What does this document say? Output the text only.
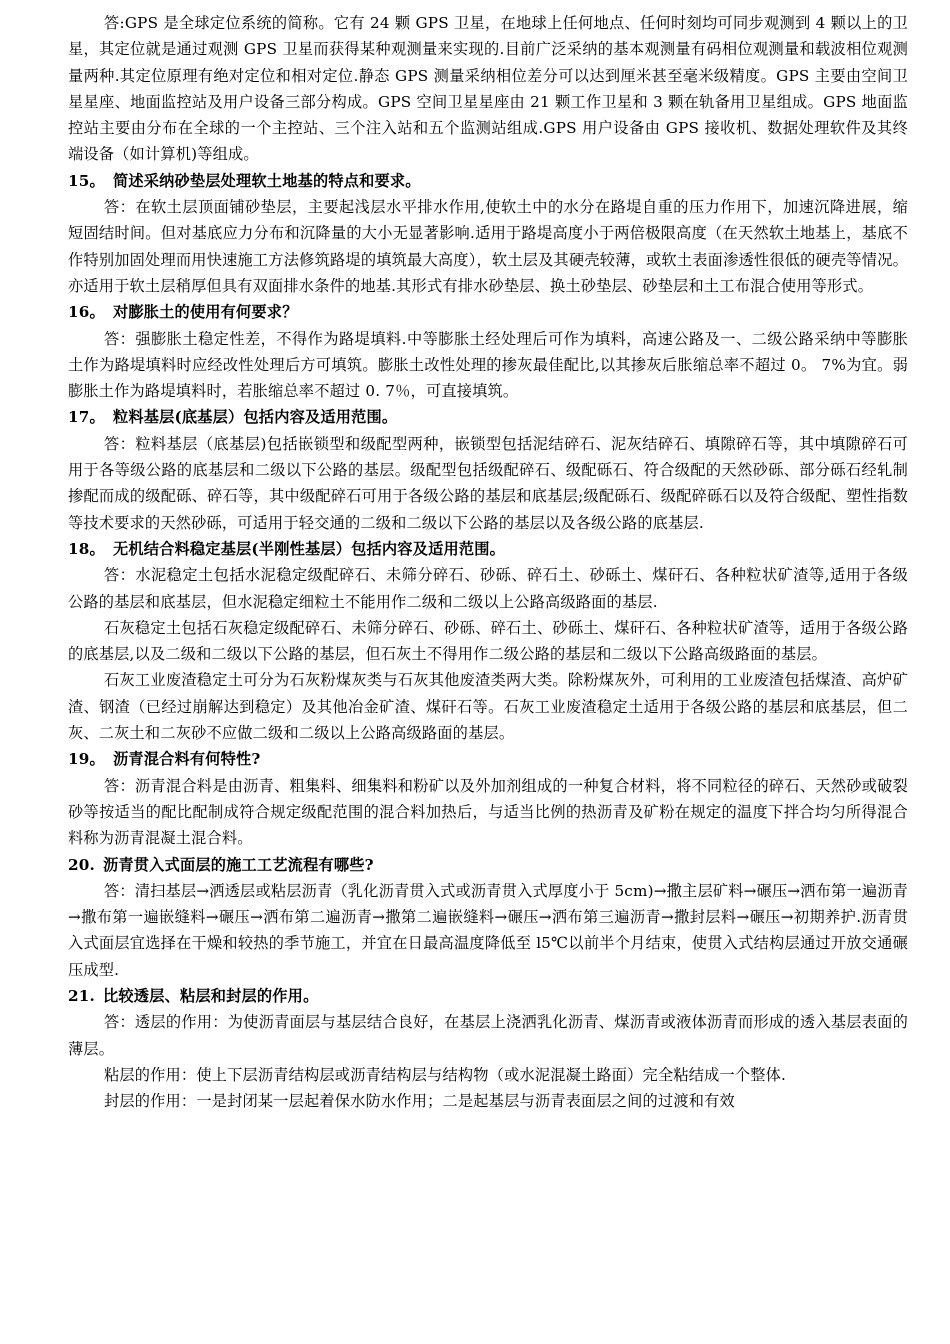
答:GPS 是全球定位系统的简称。它有 24 颗 GPS 卫星，在地球上任何地点、任何时刻均可同步观测到 4 颗以上的卫星，其定位就是通过观测 GPS 卫星而获得某种观测量来实现的.目前广泛采纳的基本观测量有码相位观测量和载波相位观测量两种.其定位原理有绝对定位和相对定位.静态 GPS 测量采纳相位差分可以达到厘米甚至毫米级精度。GPS 主要由空间卫星星座、地面监控站及用户设备三部分构成。GPS 空间卫星星座由 21 颗工作卫星和 3 颗在轨备用卫星组成。GPS 地面监控站主要由分布在全球的一个主控站、三个注入站和五个监测站组成.GPS 用户设备由 GPS 接收机、数据处理软件及其终端设备（如计算机)等组成。

15。 简述采纳砂垫层处理软土地基的特点和要求。

答：在软土层顶面铺砂垫层，主要起浅层水平排水作用,使软土中的水分在路堤自重的压力作用下，加速沉降进展，缩短固结时间。但对基底应力分布和沉降量的大小无显著影响.适用于路堤高度小于两倍极限高度（在天然软土地基上，基底不作特别加固处理而用快速施工方法修筑路堤的填筑最大高度），软土层及其硬壳较薄，或软土表面渗透性很低的硬壳等情况。亦适用于软土层稍厚但具有双面排水条件的地基.其形式有排水砂垫层、换土砂垫层、砂垫层和土工布混合使用等形式。

16。 对膨胀土的使用有何要求？

答：强膨胀土稳定性差，不得作为路堤填料.中等膨胀土经处理后可作为填料，高速公路及一、二级公路采纳中等膨胀土作为路堤填料时应经改性处理后方可填筑。膨胀土改性处理的掺灰最佳配比,以其掺灰后胀缩总率不超过 0。 7%为宜。弱膨胀土作为路堤填料时，若胀缩总率不超过 0. 7％，可直接填筑。

17。 粒料基层(底基层）包括内容及适用范围。

答：粒料基层（底基层)包括嵌锁型和级配型两种，嵌锁型包括泥结碎石、泥灰结碎石、填隙碎石等，其中填隙碎石可用于各等级公路的底基层和二级以下公路的基层。级配型包括级配碎石、级配砾石、符合级配的天然砂砾、部分砾石经轧制掺配而成的级配砾、碎石等，其中级配碎石可用于各级公路的基层和底基层;级配砾石、级配碎砾石以及符合级配、塑性指数等技术要求的天然砂砾，可适用于轻交通的二级和二级以下公路的基层以及各级公路的底基层.

18。 无机结合料稳定基层(半刚性基层）包括内容及适用范围。

答：水泥稳定土包括水泥稳定级配碎石、未筛分碎石、砂砾、碎石土、砂砾土、煤矸石、各种粒状矿渣等,适用于各级公路的基层和底基层，但水泥稳定细粒土不能用作二级和二级以上公路高级路面的基层.

石灰稳定土包括石灰稳定级配碎石、未筛分碎石、砂砾、碎石土、砂砾土、煤矸石、各种粒状矿渣等，适用于各级公路的底基层,以及二级和二级以下公路的基层，但石灰土不得用作二级公路的基层和二级以下公路高级路面的基层。

石灰工业废渣稳定土可分为石灰粉煤灰类与石灰其他废渣类两大类。除粉煤灰外，可利用的工业废渣包括煤渣、高炉矿渣、钢渣（已经过崩解达到稳定）及其他冶金矿渣、煤矸石等。石灰工业废渣稳定土适用于各级公路的基层和底基层，但二灰、二灰土和二灰砂不应做二级和二级以上公路高级路面的基层。

19。 沥青混合料有何特性?

答：沥青混合料是由沥青、粗集料、细集料和粉矿以及外加剂组成的一种复合材料，将不同粒径的碎石、天然砂或破裂砂等按适当的配比配制成符合规定级配范围的混合料加热后，与适当比例的热沥青及矿粉在规定的温度下拌合均匀所得混合料称为沥青混凝土混合料。

20. 沥青贯入式面层的施工工艺流程有哪些?

答：清扫基层→洒透层或粘层沥青（乳化沥青贯入式或沥青贯入式厚度小于 5cm)→撒主层矿料→碾压→洒布第一遍沥青→撒布第一遍嵌缝料→碾压→洒布第二遍沥青→撒第二遍嵌缝料→碾压→洒布第三遍沥青→撒封层料→碾压→初期养护.沥青贯入式面层宜选择在干燥和较热的季节施工，并宜在日最高温度降低至 l5℃以前半个月结束，使贯入式结构层通过开放交通碾压成型.

21. 比较透层、粘层和封层的作用。

答：透层的作用：为使沥青面层与基层结合良好，在基层上浇洒乳化沥青、煤沥青或液体沥青而形成的透入基层表面的薄层。

粘层的作用：使上下层沥青结构层或沥青结构层与结构物（或水泥混凝土路面）完全粘结成一个整体.

封层的作用：一是封闭某一层起着保水防水作用；二是起基层与沥青表面层之间的过渡和有效
